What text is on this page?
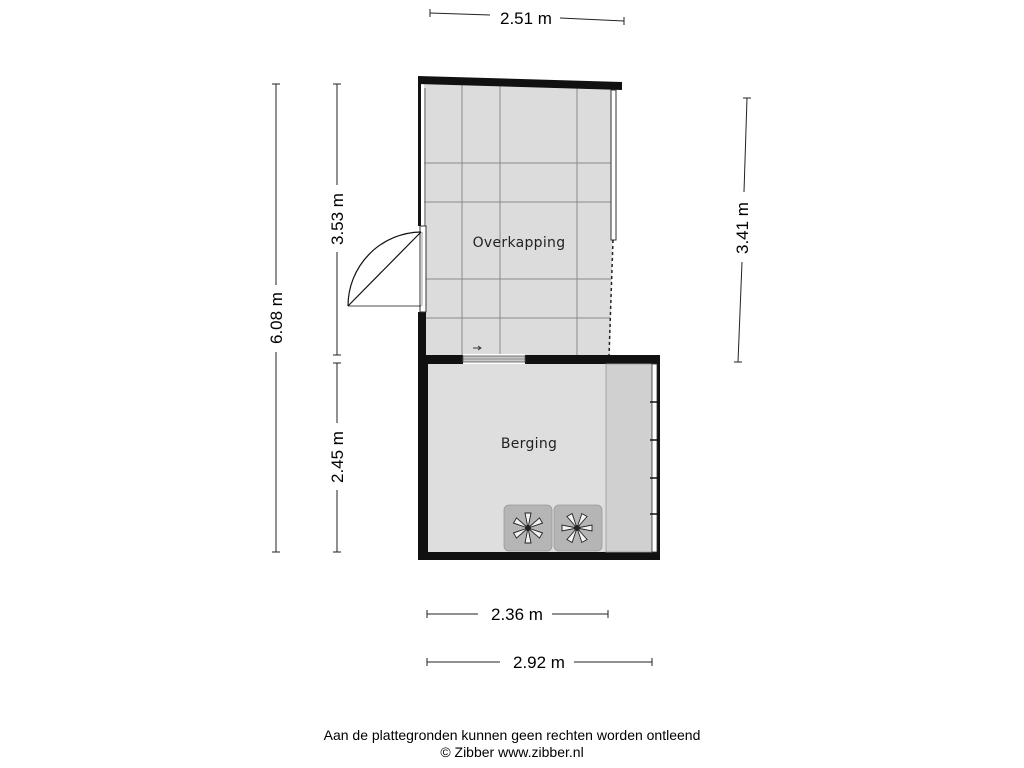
Overkapping
Berging
2.51 m
6.08 m
3.53 m
2.45 m
3.41 m
2.36 m
2.92 m
Aan de plattegronden kunnen geen rechten worden ontleend
© Zibber www.zibber.nl
